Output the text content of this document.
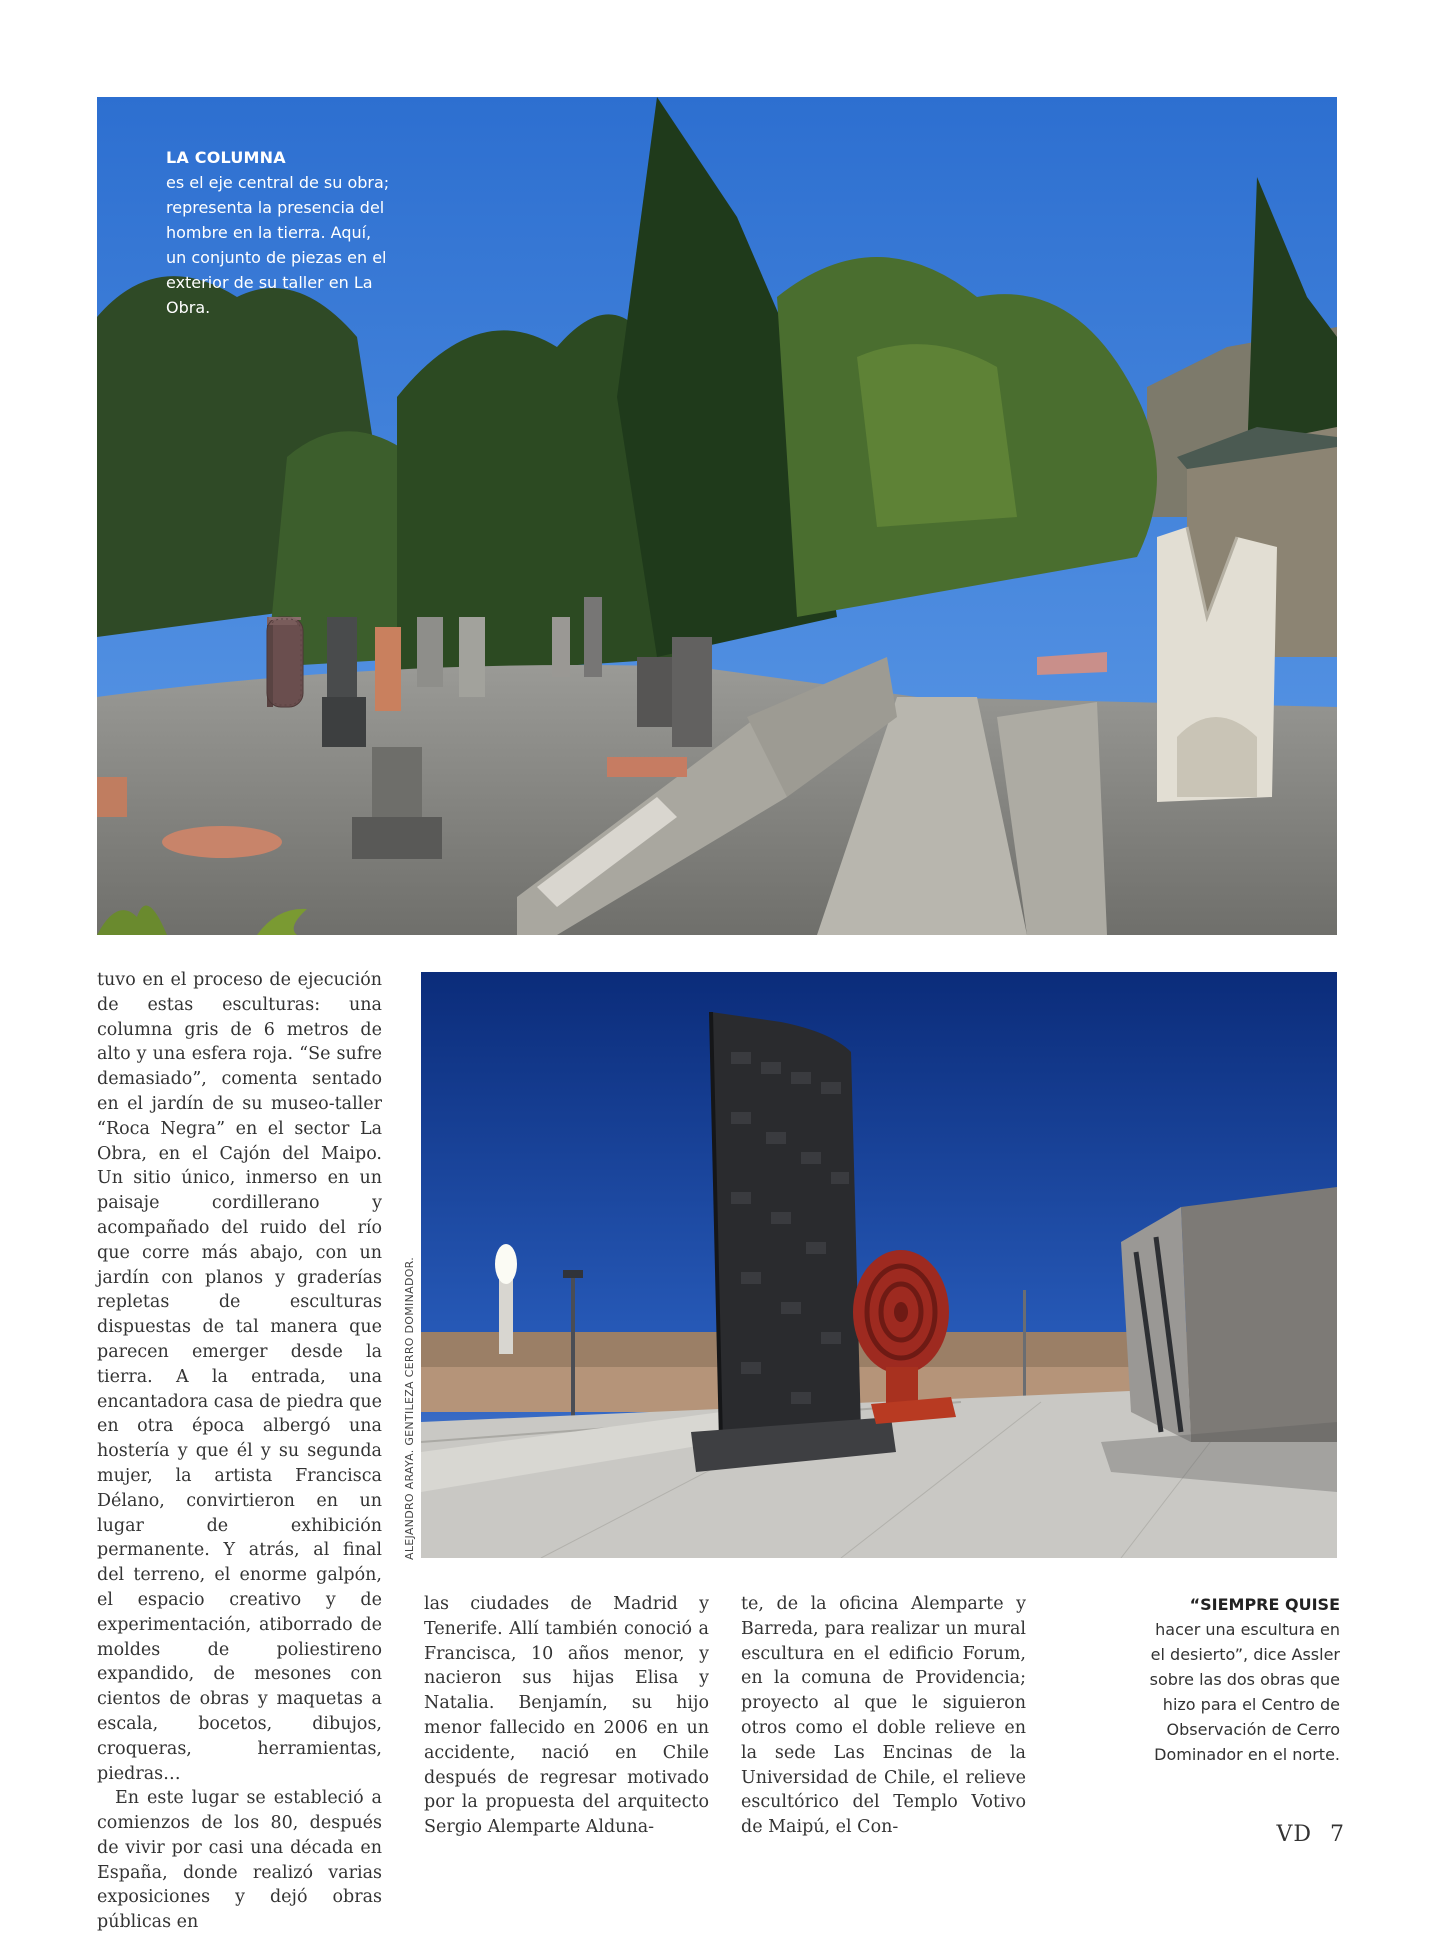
LA COLUMNA
es el eje central de su obra; representa la presencia del hombre en la tierra. Aquí, un conjunto de piezas en el exterior de su taller en La Obra.
ALEJANDRO ARAYA. GENTILEZA CERRO DOMINADOR.

tuvo en el proceso de ejecución de estas esculturas: una columna gris de 6 metros de alto y una esfera roja. “Se sufre demasiado”, comenta sentado en el jardín de su museo-taller “Roca Negra” en el sector La Obra, en el Cajón del Maipo. Un sitio único, inmerso en un paisaje cordillerano y acompañado del ruido del río que corre más abajo, con un jardín con planos y graderías repletas de esculturas dispuestas de tal manera que parecen emerger desde la tierra. A la entrada, una encantadora casa de piedra que en otra época albergó una hostería y que él y su segunda mujer, la artista Francisca Délano, convirtieron en un lugar de exhibición permanente. Y atrás, al final del terreno, el enorme galpón, el espacio creativo y de experimentación, atiborrado de moldes de poliestireno expandido, de mesones con cientos de obras y maquetas a escala, bocetos, dibujos, croqueras, herramientas, piedras…

En este lugar se estableció a comienzos de los 80, después de vivir por casi una década en España, donde realizó varias exposiciones y dejó obras públicas en

las ciudades de Madrid y Tenerife. Allí también conoció a Francisca, 10 años menor, y nacieron sus hijas Elisa y Natalia. Benjamín, su hijo menor fallecido en 2006 en un accidente, nació en Chile después de regresar motivado por la propuesta del arquitecto Sergio Alemparte Alduna-

te, de la oficina Alemparte y Barreda, para realizar un mural escultura en el edificio Forum, en la comuna de Providencia; proyecto al que le siguieron otros como el doble relieve en la sede Las Encinas de la Universidad de Chile, el relieve escultórico del Templo Votivo de Maipú, el Con-

“SIEMPRE QUISE
hacer una escultura en el desierto”, dice Assler sobre las dos obras que hizo para el Centro de Observación de Cerro Dominador en el norte.
VD 7
